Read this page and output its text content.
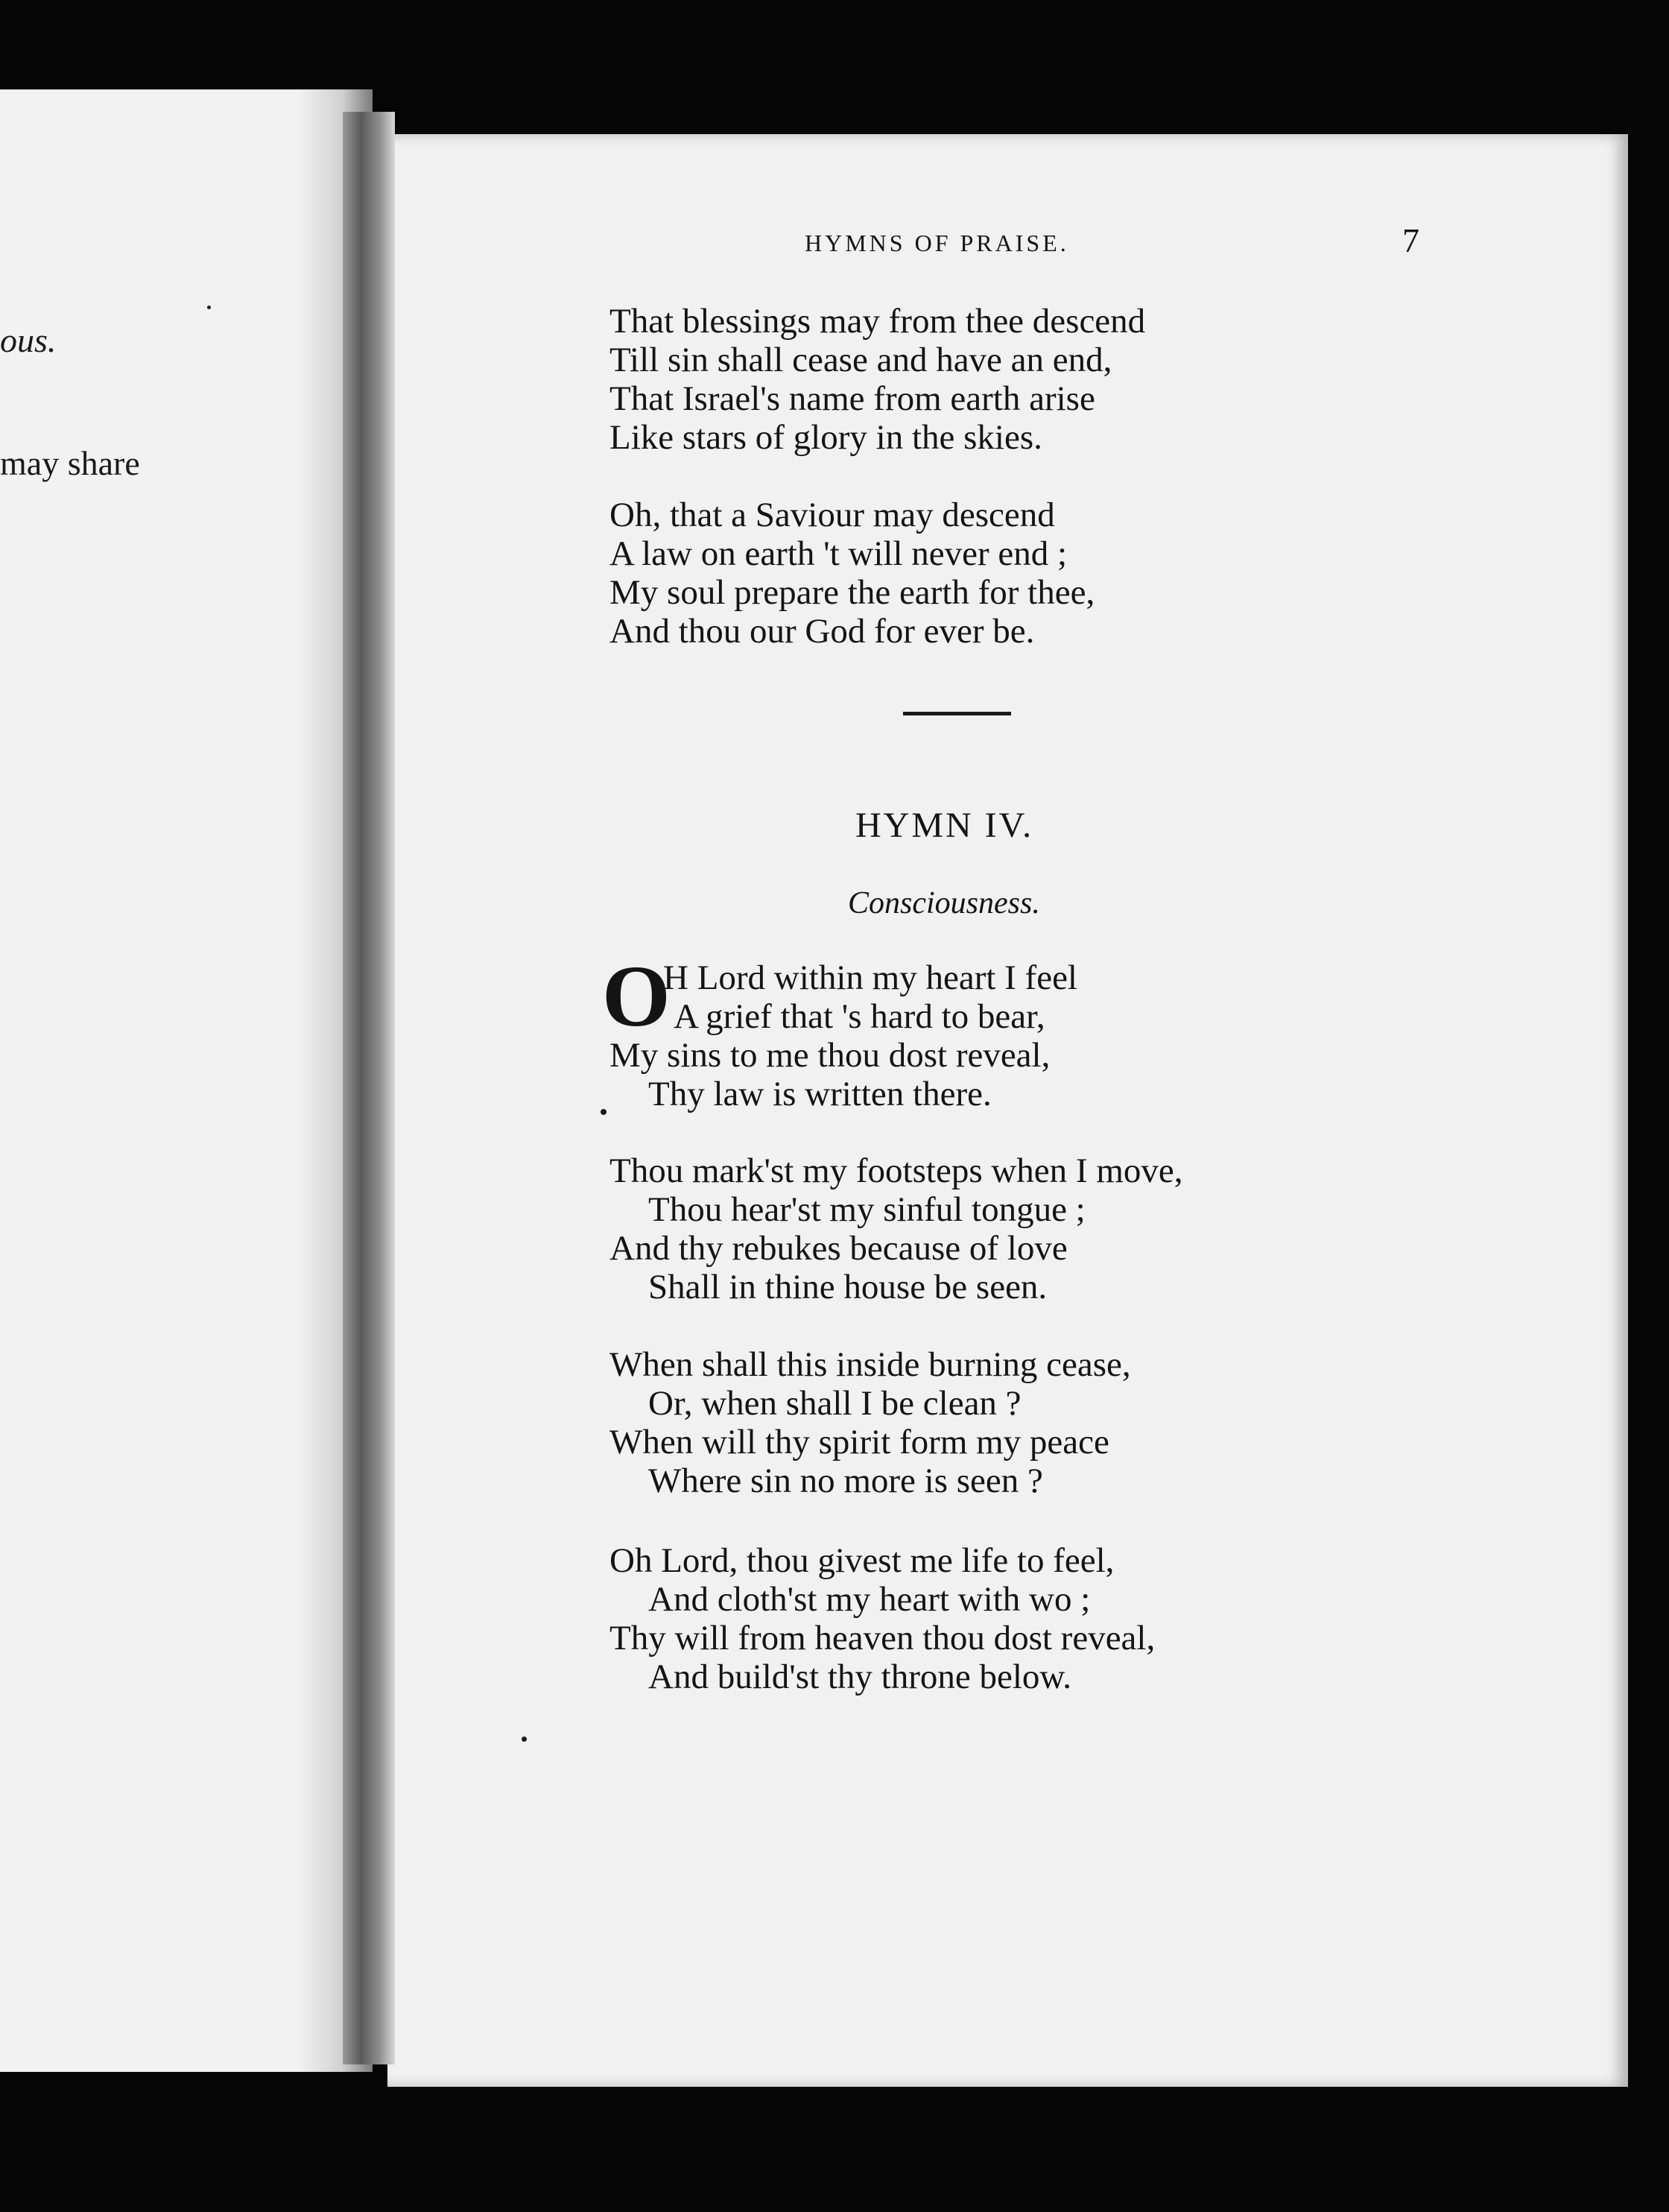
ous.
may share
HYMNS OF PRAISE.	7
That blessings may from thee descend
Till sin shall cease and have an end,
That Israel's name from earth arise
Like stars of glory in the skies.
Oh, that a Saviour may descend
A law on earth 't will never end ;
My soul prepare the earth for thee,
And thou our God for ever be.
HYMN IV.
Consciousness.
O
H Lord within my heart I feel
A grief that 's hard to bear,
My sins to me thou dost reveal,
Thy law is written there.
Thou mark'st my footsteps when I move,
Thou hear'st my sinful tongue ;
And thy rebukes because of love
Shall in thine house be seen.
When shall this inside burning cease,
Or, when shall I be clean ?
When will thy spirit form my peace
Where sin no more is seen ?
Oh Lord, thou givest me life to feel,
And cloth'st my heart with wo ;
Thy will from heaven thou dost reveal,
And build'st thy throne below.
